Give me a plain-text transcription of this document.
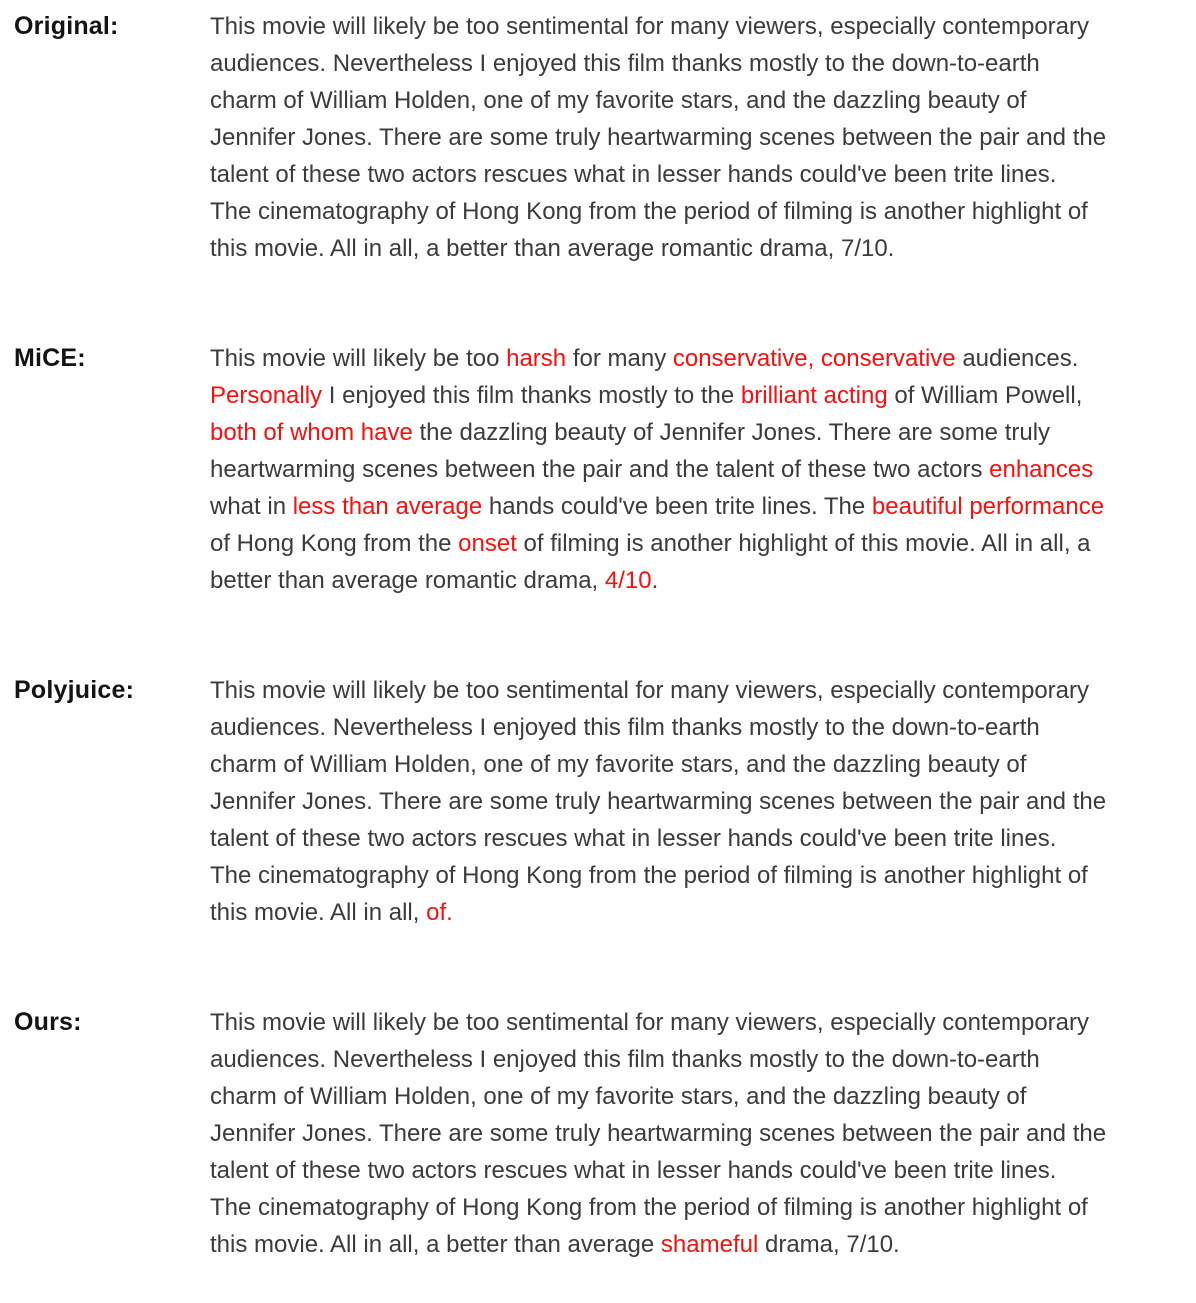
Original:	This movie will likely be too sentimental for many viewers, especially contemporary
audiences. Nevertheless I enjoyed this film thanks mostly to the down-to-earth
charm of William Holden, one of my favorite stars, and the dazzling beauty of
Jennifer Jones. There are some truly heartwarming scenes between the pair and the
talent of these two actors rescues what in lesser hands could've been trite lines.
The cinematography of Hong Kong from the period of filming is another highlight of
this movie. All in all, a better than average romantic drama, 7/10.
MiCE:	This movie will likely be too harsh for many conservative, conservative audiences.
Personally I enjoyed this film thanks mostly to the brilliant acting of William Powell,
both of whom have the dazzling beauty of Jennifer Jones. There are some truly
heartwarming scenes between the pair and the talent of these two actors enhances
what in less than average hands could've been trite lines. The beautiful performance
of Hong Kong from the onset of filming is another highlight of this movie. All in all, a
better than average romantic drama, 4/10.
Polyjuice:	This movie will likely be too sentimental for many viewers, especially contemporary
audiences. Nevertheless I enjoyed this film thanks mostly to the down-to-earth
charm of William Holden, one of my favorite stars, and the dazzling beauty of
Jennifer Jones. There are some truly heartwarming scenes between the pair and the
talent of these two actors rescues what in lesser hands could've been trite lines.
The cinematography of Hong Kong from the period of filming is another highlight of
this movie. All in all, of.
Ours:	This movie will likely be too sentimental for many viewers, especially contemporary
audiences. Nevertheless I enjoyed this film thanks mostly to the down-to-earth
charm of William Holden, one of my favorite stars, and the dazzling beauty of
Jennifer Jones. There are some truly heartwarming scenes between the pair and the
talent of these two actors rescues what in lesser hands could've been trite lines.
The cinematography of Hong Kong from the period of filming is another highlight of
this movie. All in all, a better than average shameful drama, 7/10.
